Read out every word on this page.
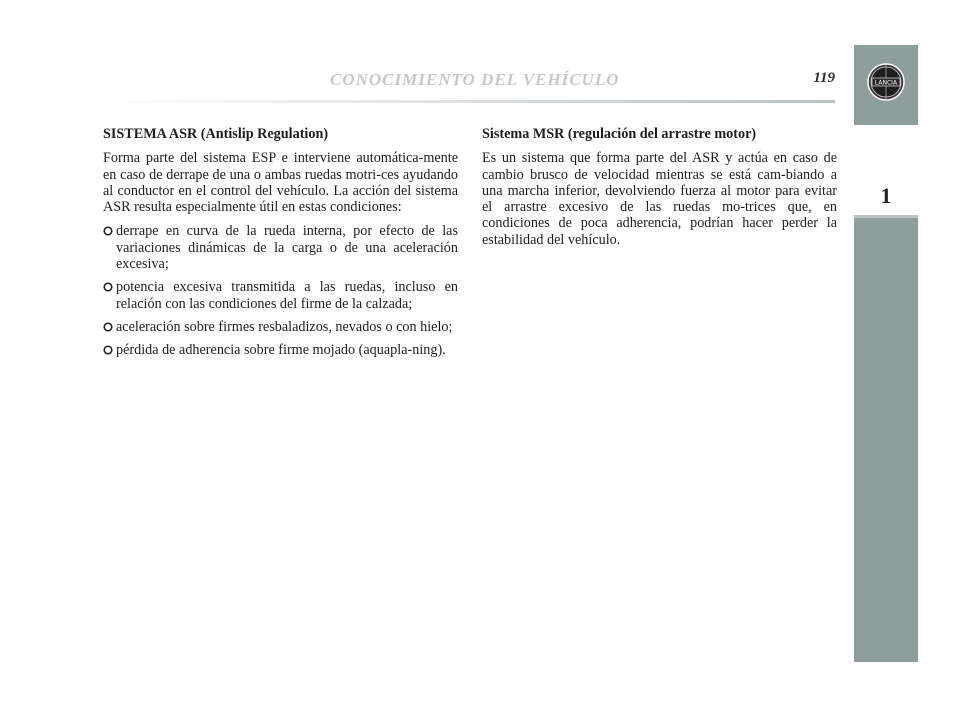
CONOCIMIENTO DEL VEHÍCULO	119	LANCIA
1

SISTEMA ASR (Antislip Regulation)

Forma parte del sistema ESP e interviene automática-mente en caso de derrape de una o ambas ruedas motri-ces ayudando al conductor en el control del vehículo. La acción del sistema ASR resulta especialmente útil en estas condiciones:

derrape en curva de la rueda interna, por efecto de las variaciones dinámicas de la carga o de una aceleración excesiva;
potencia excesiva transmitida a las ruedas, incluso en relación con las condiciones del firme de la calzada;
aceleración sobre firmes resbaladizos, nevados o con hielo;
pérdida de adherencia sobre firme mojado (aquapla-ning).

Sistema MSR (regulación del arrastre motor)

Es un sistema que forma parte del ASR y actúa en caso de cambio brusco de velocidad mientras se está cam-biando a una marcha inferior, devolviendo fuerza al motor para evitar el arrastre excesivo de las ruedas mo-trices que, en condiciones de poca adherencia, podrían hacer perder la estabilidad del vehículo.
